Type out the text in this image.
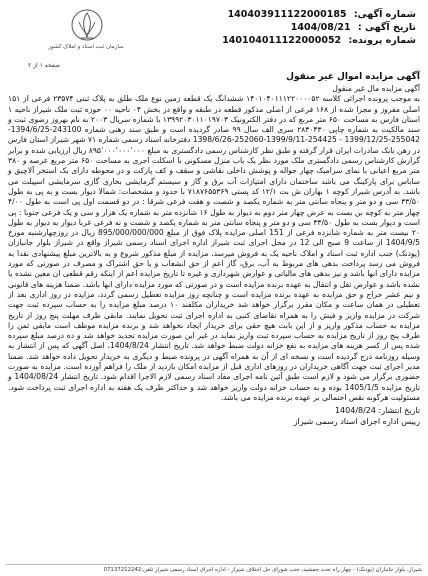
شماره آگهی: 140403911122000185
تاریخ آگهی : 1404/08/21
شماره پرونده: 140104011122000052
سازمان ثبت اسناد و املاک کشور
صفحه ۱ از ۲
آگهی مزایده اموال غیر منقول

آگهی مزایده مال غیر منقول

به موجب پرونده اجرائی کلاسه ۱۴۰۱۰۴۰۱۱۱۲۲۰۰۰۰۵۲ ششدانگ یک قطعه زمین نوع ملک طلق به پلاک ثبتی ۲۳۵۷۴ فرعی از ۱۵۱ اصلی مفروز و مجزا شده از ۱۶۸ فرعی از اصلی مذکور قطعه در طبقه و واقع در بخش ۰۴ ناحیه ۰۰ حوزه ثبت ملک شیراز ناحیه ۱ استان فارس به مساحت ۶۵۰ متر مربع که در دفتر الکترونیک ۱۳۹۹۲۰۳۰۱۱۰۱۹۷۰۳ با شماره سریال ۲۰۰۳ به نام بهروز رضوی ثبت و سند مالکیت به شماره چاپی ۲۸۳۰۴۳۰ سری الف سال ۹۹ صادر گردیده است و طبق سند رهنی شماره 243100-1394/6/25-255042-1399/12/25 - 254425-1399/9/11-252060-1398/6/26 دفترخانه اسناد رسمی شماره ۷۱ شهر شیراز استان فارس در رهن بانک صادرات ایران قرار گرفته و طبق نظر کارشناس رسمی دادگستری به مبلغ ۸۹۵٬۰۰۰٬۰۰۰٬۰۰۰ ریال ارزیابی شده و برابر گزارش کارشناس رسمی دادگستری ملک مورد نظر یک باب منزل مسکونی با اسکلت اجری به مساحت ۶۵۰ متر مربع عرصه و ۳۸۰ متر مربع اعیانی با نمای سرامیک چهار جواله و پوشش داخلی نقاشی و سقف و کف پارکت و در محوطه دارای یک استخر آلاچیق و ساباس برای پارکینگ می باشد ساختمان دارای امتیازات آب برق و گاز و سیستم گرمایشی بخاری گازی سرمایشی اسپیلت می باشد. به آدرس شیراز کوچه ۱ بهاران ش بت ۱۲/۱ کد پستی ۷۱۸۷۶۵۵۳۶۹ با حدود و مشخصات: شمالا دیوار بست و به پی به طول ۳۳/۵۰ سی و دو متر و پنجاه سانتی متر به شماره یکصد و شصت و هفت فرعی شرقا : در دو قسمت اول پی است به طول ۴/۰۰ چهار متر به کوچه بن بست به عرض چهار متر دوم به دیوار به طول ۱۶ شانزده متر به شماره یک هزار و سی و یک فرعی جنوبا : پی است و دیوار بست به طول ۳۳/۵۰ سی و دو متر و پنجاه سانتی متر به شماره یکصد و شصت و نه فرعی غربا دیوار به دیوار به طول ۲۰ بیست متر به شماره شانزده فرعی از 151 اصلی مزایده پلاک فوق از مبلغ 895/000/000/000 ریال در روزچهارشنبه مورخ 1404/9/5 از ساعت 9 صبح الی 12 در محل اجرای ثبت شیراز اداره اجرای اسناد رسمی شیراز واقع در شیراز بلوار جانبازان (پودنک) جنب اداره ثبت اسناد و املاک ناحیه یک به فروش میرسد، مزایده از مبلغ مذکور شروع و به بالاترین مبلغ پیشنهادی نقدا به فروش می رسد پرداخت بدهی های مربوط به آب، برق، گاز اعم از حق انشعاب و یا حق اشتراک و مصرف در صورتی که مورد مزایده دارای انها باشد و نیز بدهی های مالیاتی و عوارض شهرداری و غیره تا تاریخ مزایده اعم از اینکه رقم قطعی ان معین نشده یا نشده باشد و عوارض نقل و انتقال به عهده برنده مزایده است و در صورتی که مورد مزایده دارای انها باشد. ضمنا هزینه های قانونی و نیم عشر حراج و حق مزایده به عهده برنده مزایده است و چنانچه روز مزایده تعطیل رسمی گردد، مزایده در روز اداری بعد از تعطیلی در همان ساعت و مکان مقرر برگزار خواهد شد خریداران مکلفند ۱۰ درصد مبلغ مزایده را به حساب سپرده ثبت جهت شرکت در مزایده واریز و فیش را به همراه تقاضای کتبی به اداره اجرای ثبت تحویل نمایند. مابقی ظرف مهلت پنج روز از تاریخ مزایده به حساب مذکور واریز و از این بابت هیچ حقی برای خریدار ایجاد نخواهد شد و برنده مزایده موظف است مابقی ثمن را ظرف پنج روز از تاریخ مزایده به حساب سپرده ثبت واریز نماید در غیر این صورت مزایده تجدید خواهد شد و ده درصد مبلغ سپرده شده پس از کسر هزینه های مزایده به نفع خزانه دولت ضبط خواهد شد. تاریخ انتشار 1404/8/24، اصل آگهی که پس از انتشار به وسیله روزنامه درج گردیده است و نسخه ای از آن به همراه آگهی در پرونده ضبط و دیگری به خریدار تحویل داده خواهد شد. ضمنا مدیر اجرای ثبت جهت آگاهی خریداران در روزهای اداری قبل از مزایده امکان بازدید از ملک را فراهم آورده است. مزایده به صورت حضوری برگزار می شود و لازم است طبق آئین نامه اجرای مفاد اسناد رسمی لازم الاجرا اقدام شود. تاریخ انتشار 1404/08/24 و تاریخ مزایده 1405/1/5 بوده و به حساب خزانه دولت واریز خواهد شد و حداکثر ظرف یک هفته به اداره اجرای ثبت پرداخت شود. مسئولیت هرگونه نقص احتمالی بر عهده برنده مزایده می باشد.

تاریخ انتشار: 1404/8/24
رییس اداره اجرای اسناد رسمی شیراز
شیراز، بلوار جانبازان (پودنک) - چهار راه تحت جمشید، جنب شورای حل اختلاف شیراز - اداره اجرای اسناد رسمی شیراز تلفن:07137212242
